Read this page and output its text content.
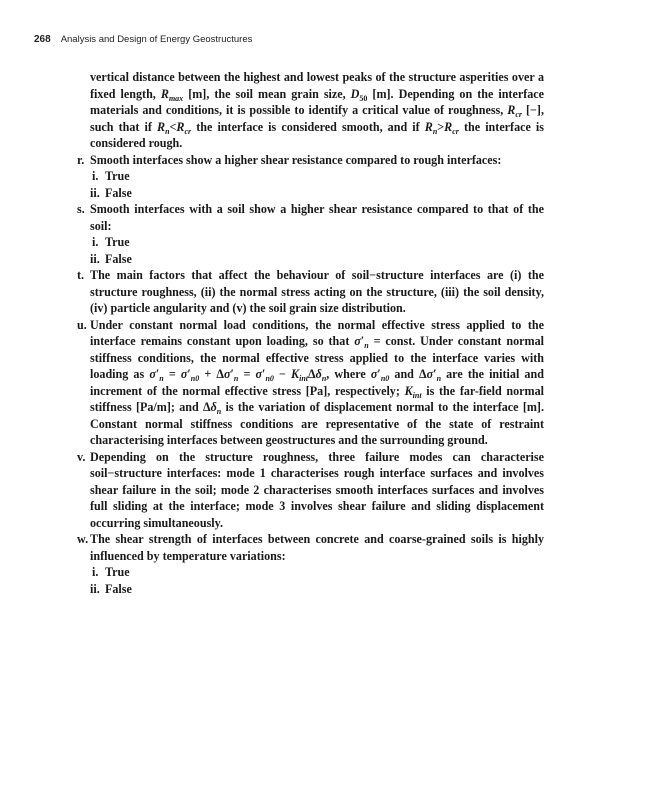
268 Analysis and Design of Energy Geostructures

vertical distance between the highest and lowest peaks of the structure asperities over a fixed length, $R_{max}$ [m], the soil mean grain size, $D_{50}$ [m]. Depending on the interface materials and conditions, it is possible to identify a critical value of roughness, $R_{cr}$ [−], such that if $R_n<R_{cr}$ the interface is considered smooth, and if $R_n>R_{cr}$ the interface is considered rough.

r. Smooth interfaces show a higher shear resistance compared to rough interfaces:

i. True
ii. False
s. Smooth interfaces with a soil show a higher shear resistance compared to that of the soil:

i. True
ii. False
t. The main factors that affect the behaviour of soil−structure interfaces are (i) the structure roughness, (ii) the normal stress acting on the structure, (iii) the soil density, (iv) particle angularity and (v) the soil grain size distribution.

u. Under constant normal load conditions, the normal effective stress applied to the interface remains constant upon loading, so that $\sigma'_n$ = const. Under constant normal stiffness conditions, the normal effective stress applied to the interface varies with loading as $\sigma'_n = \sigma'_{n0} + \Delta\sigma'_n = \sigma'_{n0} - K_{int}\Delta\delta_n$, where $\sigma'_{n0}$ and $\Delta\sigma'_n$ are the initial and increment of the normal effective stress [Pa], respectively; $K_{int}$ is the far-field normal stiffness [Pa/m]; and $\Delta\delta_n$ is the variation of displacement normal to the interface [m]. Constant normal stiffness conditions are representative of the state of restraint characterising interfaces between geostructures and the surrounding ground.

v. Depending on the structure roughness, three failure modes can characterise soil−structure interfaces: mode 1 characterises rough interface surfaces and involves shear failure in the soil; mode 2 characterises smooth interfaces surfaces and involves full sliding at the interface; mode 3 involves shear failure and sliding displacement occurring simultaneously.

w. The shear strength of interfaces between concrete and coarse-grained soils is highly influenced by temperature variations:

i. True
ii. False
